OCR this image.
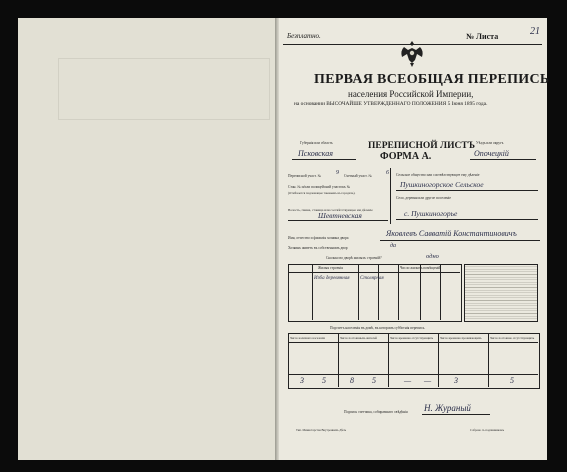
Безплатно.	№ Листа	21
ПЕРВАЯ ВСЕОБЩАЯ ПЕРЕПИСЬ
населения Российской Империи,
на основании ВЫСОЧАЙШЕ УТВЕРЖДЕННАГО ПОЛОЖЕНИЯ 5 Iюня 1895 года.
Губернiя или область
Псковская
ПЕРЕПИСНОЙ ЛИСТЪ
ФОРМА А.
Уѣздъ или округъ
Опочецкiй
Переписной участ. №	9 Счетный участ. № 6
Стан. № и/или полицейский участокъ №
(Отмѣчается подлежащее таковымъ въ городахъ).
Волость, гмина, станица или соотвѣтствующее им дѣленiе
Шевтневская
Сельское общество или соотвѣтствующее ему дѣленiе
Пушкиногорское Сельское
Село, деревня или другое поселенiе
с. Пушкиногорье
Имя, отчество и фамилiя хозяина двора	Яковлевъ Савватiй Константиновичъ
Хозяинъ живетъ въ собственномъ двор	да
Сколько во дворѣ жилыхъ строенiй?	одно
Жилыя строенiя	Число жилыхъ помѣщенiй
Изба деревянная Столярная
Подсчетъ населенiя въ домѣ, въ которомъ субботнiя перепись.
Число наличнаго населенiя	Число постоянныхъ жителей	Число временно отсутствующихъ Число временно проживающихъ	Число постоянно отсутствующихъ
3 5	8 5	— —	3	5
Подпись счетчика, собиравшаго свѣдѣнiя Н. Жураный
Тип. Министерства Внутреннихъ Дѣлъ	Собрано съ подлинникомъ
